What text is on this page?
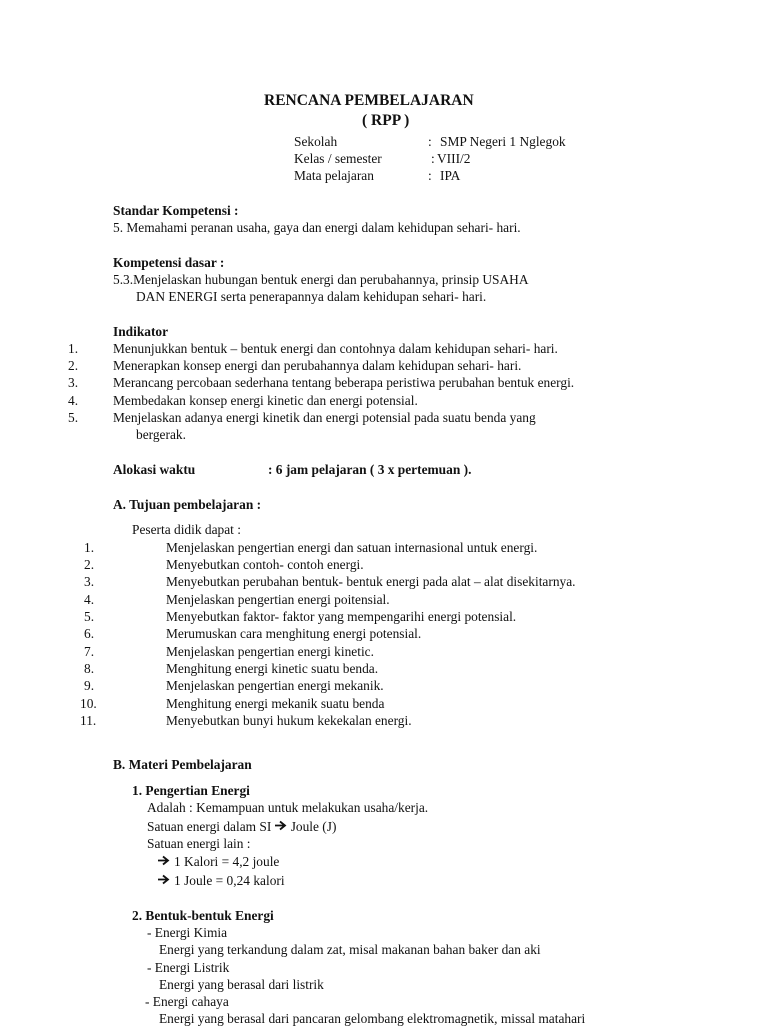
RENCANA PEMBELAJARAN
( RPP )
Sekolah	: SMP Negeri 1 Nglegok
Kelas / semester	: VIII/2
Mata pelajaran	: IPA
Standar Kompetensi :
5. Memahami peranan usaha, gaya dan energi dalam kehidupan sehari- hari.
Kompetensi dasar :
5.3.Menjelaskan hubungan bentuk energi dan perubahannya, prinsip USAHA
DAN ENERGI serta penerapannya dalam kehidupan sehari- hari.
Indikator
1.	Menunjukkan bentuk – bentuk energi dan contohnya dalam kehidupan sehari- hari.
2.	Menerapkan konsep energi dan perubahannya dalam kehidupan sehari- hari.
3.	Merancang percobaan sederhana tentang beberapa peristiwa perubahan bentuk energi.
4.	Membedakan konsep energi kinetic dan energi potensial.
5.	Menjelaskan adanya energi kinetik dan energi potensial pada suatu benda yang
bergerak.
Alokasi waktu	: 6 jam pelajaran ( 3 x pertemuan ).
A. Tujuan pembelajaran :
Peserta didik dapat :
1.	Menjelaskan pengertian energi dan satuan internasional untuk energi.
2.	Menyebutkan contoh- contoh energi.
3.	Menyebutkan perubahan bentuk- bentuk energi pada alat – alat disekitarnya.
4.	Menjelaskan pengertian energi poitensial.
5.	Menyebutkan faktor- faktor yang mempengarihi energi potensial.
6.	Merumuskan cara menghitung energi potensial.
7.	Menjelaskan pengertian energi kinetic.
8.	Menghitung energi kinetic suatu benda.
9.	Menjelaskan pengertian energi mekanik.
10.	Menghitung energi mekanik suatu benda
11.	Menyebutkan bunyi hukum kekekalan energi.
B. Materi Pembelajaran
1. Pengertian Energi
Adalah : Kemampuan untuk melakukan usaha/kerja.
Satuan energi dalam SI Joule (J)
Satuan energi lain :
1 Kalori = 4,2 joule
1 Joule = 0,24 kalori
2. Bentuk-bentuk Energi
- Energi Kimia
Energi yang terkandung dalam zat, misal makanan bahan baker dan aki
- Energi Listrik
Energi yang berasal dari listrik
- Energi cahaya
Energi yang berasal dari pancaran gelombang elektromagnetik, missal matahari
